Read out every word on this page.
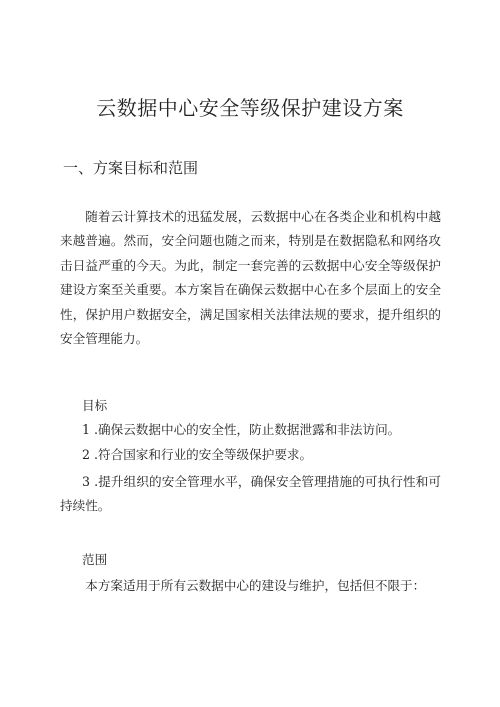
云数据中心安全等级保护建设方案
一、方案目标和范围

随着云计算技术的迅猛发展，云数据中心在各类企业和机构中越来越普遍。然而，安全问题也随之而来，特别是在数据隐私和网络攻击日益严重的今天。为此，制定一套完善的云数据中心安全等级保护建设方案至关重要。本方案旨在确保云数据中心在多个层面上的安全性，保护用户数据安全，满足国家相关法律法规的要求，提升组织的安全管理能力。

目标

1 .确保云数据中心的安全性，防止数据泄露和非法访问。

2 .符合国家和行业的安全等级保护要求。

3 .提升组织的安全管理水平，确保安全管理措施的可执行性和可持续性。

范围

本方案适用于所有云数据中心的建设与维护，包括但不限于：
